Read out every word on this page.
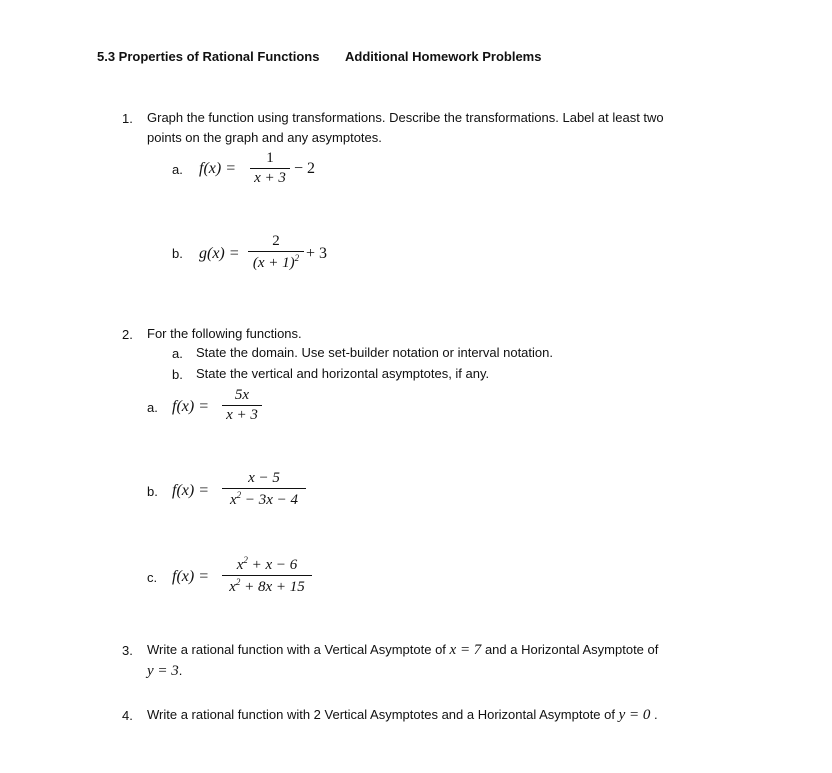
5.3 Properties of Rational Functions Additional Homework Problems
1. Graph the function using transformations. Describe the transformations. Label at least two
points on the graph and any asymptotes.
a. f(x) =
1
x + 3
− 2
b. g(x) =
2
$(x + 1)^2 + 3$
2. For the following functions.
a. State the domain. Use set-builder notation or interval notation.
b. State the vertical and horizontal asymptotes, if any.
a. f(x) =
5x
x + 3
b. f(x) =
x − 5
$x^2 - 3x - 4$
c. f(x) =
$x^2 + x - 6$
$x^2 + 8x + 15$
3. Write a rational function with a Vertical Asymptote of x = 7 and a Horizontal Asymptote of
y = 3.
4. Write a rational function with 2 Vertical Asymptotes and a Horizontal Asymptote of y = 0 .
